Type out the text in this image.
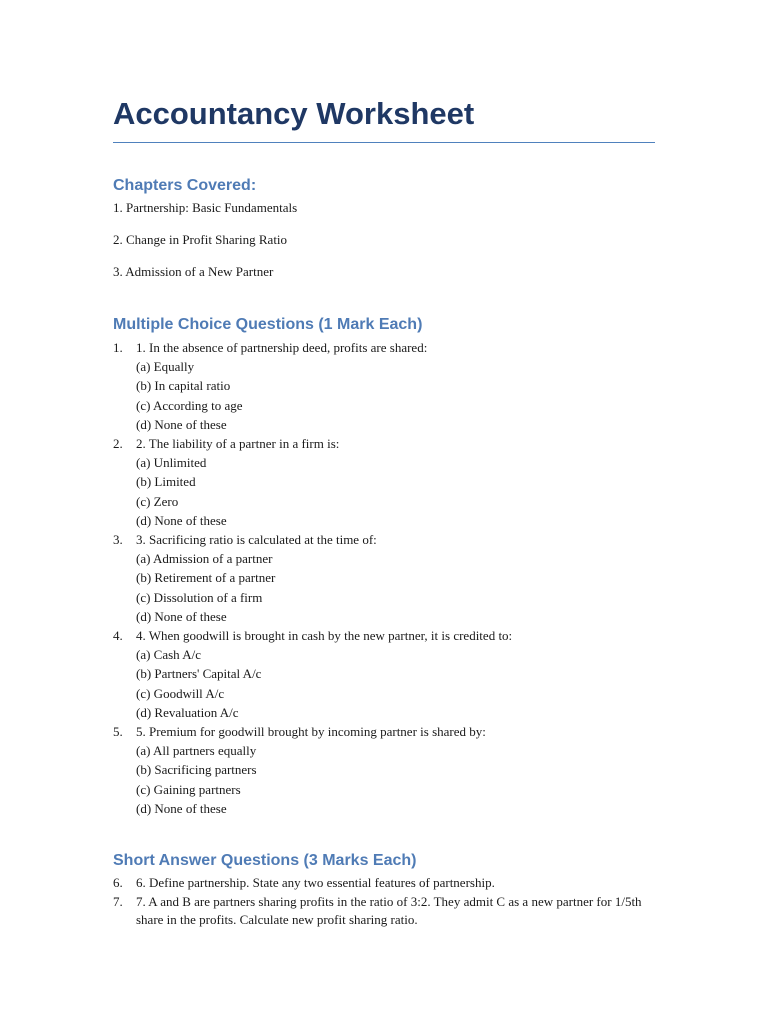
Accountancy Worksheet
Chapters Covered:

1. Partnership: Basic Fundamentals

2. Change in Profit Sharing Ratio

3. Admission of a New Partner

Multiple Choice Questions (1 Mark Each)
1. 1. In the absence of partnership deed, profits are shared:
(a) Equally
(b) In capital ratio
(c) According to age
(d) None of these
2. 2. The liability of a partner in a firm is:
(a) Unlimited
(b) Limited
(c) Zero
(d) None of these
3. 3. Sacrificing ratio is calculated at the time of:
(a) Admission of a partner
(b) Retirement of a partner
(c) Dissolution of a firm
(d) None of these
4. 4. When goodwill is brought in cash by the new partner, it is credited to:
(a) Cash A/c
(b) Partners' Capital A/c
(c) Goodwill A/c
(d) Revaluation A/c
5. 5. Premium for goodwill brought by incoming partner is shared by:
(a) All partners equally
(b) Sacrificing partners
(c) Gaining partners
(d) None of these
Short Answer Questions (3 Marks Each)
6. 6. Define partnership. State any two essential features of partnership.
7. 7. A and B are partners sharing profits in the ratio of 3:2. They admit C as a new partner for 1/5th share in the profits. Calculate new profit sharing ratio.
